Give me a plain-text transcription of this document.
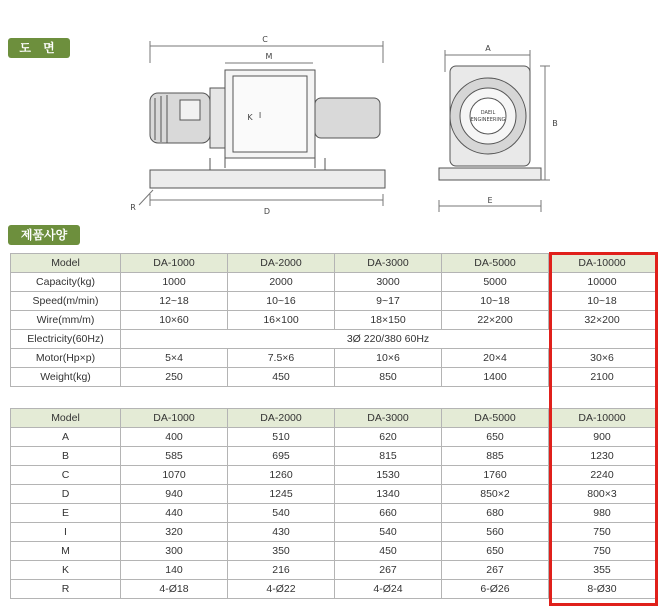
도 면
C
M
I
K
D
R
A
B
E
DAEIL
ENGINEERING
제품사양
Model	DA-1000	DA-2000	DA-3000	DA-5000	DA-10000
Capacity(kg)	1000	2000	3000	5000	10000
Speed(m/min)	12~18	10~16	9~17	10~18	10~18
Wire(mm/m)	10×60	16×100	18×150	22×200	32×200
Electricity(60Hz)	3Ø 220/380 60Hz				
Motor(Hp×p)	5×4	7.5×6	10×6	20×4	30×6
Weight(kg)	250	450	850	1400	2100
Model	DA-1000	DA-2000	DA-3000	DA-5000	DA-10000
A	400	510	620	650	900
B	585	695	815	885	1230
C	1070	1260	1530	1760	2240
D	940	1245	1340	850×2	800×3
E	440	540	660	680	980
I	320	430	540	560	750
M	300	350	450	650	750
K	140	216	267	267	355
R	4-Ø18	4-Ø22	4-Ø24	6-Ø26	8-Ø30
